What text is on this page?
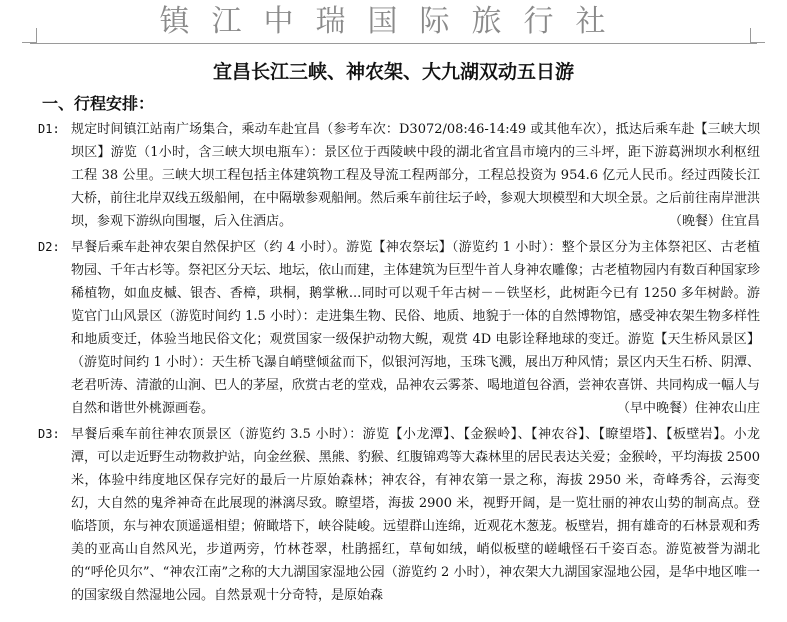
镇江中瑞国际旅行社
宜昌长江三峡、神农架、大九湖双动五日游
一、行程安排：

D1: 规定时间镇江站南广场集合，乘动车赴宜昌（参考车次：D3072/08:46-14:49 或其他车次），抵达后乘车赴【三峡大坝坝区】游览（1小时，含三峡大坝电瓶车）：景区位于西陵峡中段的湖北省宜昌市境内的三斗坪，距下游葛洲坝水利枢纽工程 38 公里。三峡大坝工程包括主体建筑物工程及导流工程两部分，工程总投资为 954.6 亿元人民币。经过西陵长江大桥，前往北岸双线五级船闸，在中隔墩参观船闸。然后乘车前往坛子岭，参观大坝模型和大坝全景。之后前往南岸泄洪坝，参观下游纵向围堰，后入住酒店。	（晚餐）住宜昌

D2: 早餐后乘车赴神农架自然保护区（约 4 小时）。游览【神农祭坛】（游览约 1 小时）：整个景区分为主体祭祀区、古老植物园、千年古杉等。祭祀区分天坛、地坛，依山而建，主体建筑为巨型牛首人身神农雕像；古老植物园内有数百种国家珍稀植物，如血皮槭、银杏、香樟，珙桐，鹅掌楸...同时可以观千年古树－－铁坚杉，此树距今已有 1250 多年树龄。游览官门山风景区（游览时间约 1.5 小时）：走进集生物、民俗、地质、地貌于一体的自然博物馆，感受神农架生物多样性和地质变迁，体验当地民俗文化；观赏国家一级保护动物大鲵，观赏 4D 电影诠释地球的变迁。游览【天生桥风景区】（游览时间约 1 小时）：天生桥飞瀑自峭壁倾盆而下，似银河泻地，玉珠飞溅，展出万种风情；景区内天生石桥、阴潭、老君听涛、清澈的山涧、巴人的茅屋，欣赏古老的堂戏，品神农云雾茶、喝地道包谷酒，尝神农喜饼、共同构成一幅人与自然和谐世外桃源画卷。	（早中晚餐）住神农山庄

D3: 早餐后乘车前往神农顶景区（游览约 3.5 小时）：游览【小龙潭】、【金猴岭】、【神农谷】、【瞭望塔】、【板壁岩】。小龙潭，可以走近野生动物救护站，向金丝猴、黑熊、豹猴、红腹锦鸡等大森林里的居民表达关爱；金猴岭，平均海拔 2500 米，体验中纬度地区保存完好的最后一片原始森林；神农谷，有神农第一景之称，海拔 2950 米，奇峰秀谷，云海变幻，大自然的鬼斧神奇在此展现的淋漓尽致。瞭望塔，海拔 2900 米，视野开阔，是一览壮丽的神农山势的制高点。登临塔顶，东与神农顶遥遥相望；俯瞰塔下，峡谷陡峻。远望群山连绵，近观花木葱茏。板壁岩，拥有雄奇的石林景观和秀美的亚高山自然风光，步道两旁，竹林苍翠，杜鹃摇红，草甸如绒，峭似板壁的嵯峨怪石千姿百态。游览被誉为湖北的“呼伦贝尔”、“神农江南”之称的大九湖国家湿地公园（游览约 2 小时），神农架大九湖国家湿地公园，是华中地区唯一的国家级自然湿地公园。自然景观十分奇特，是原始森
